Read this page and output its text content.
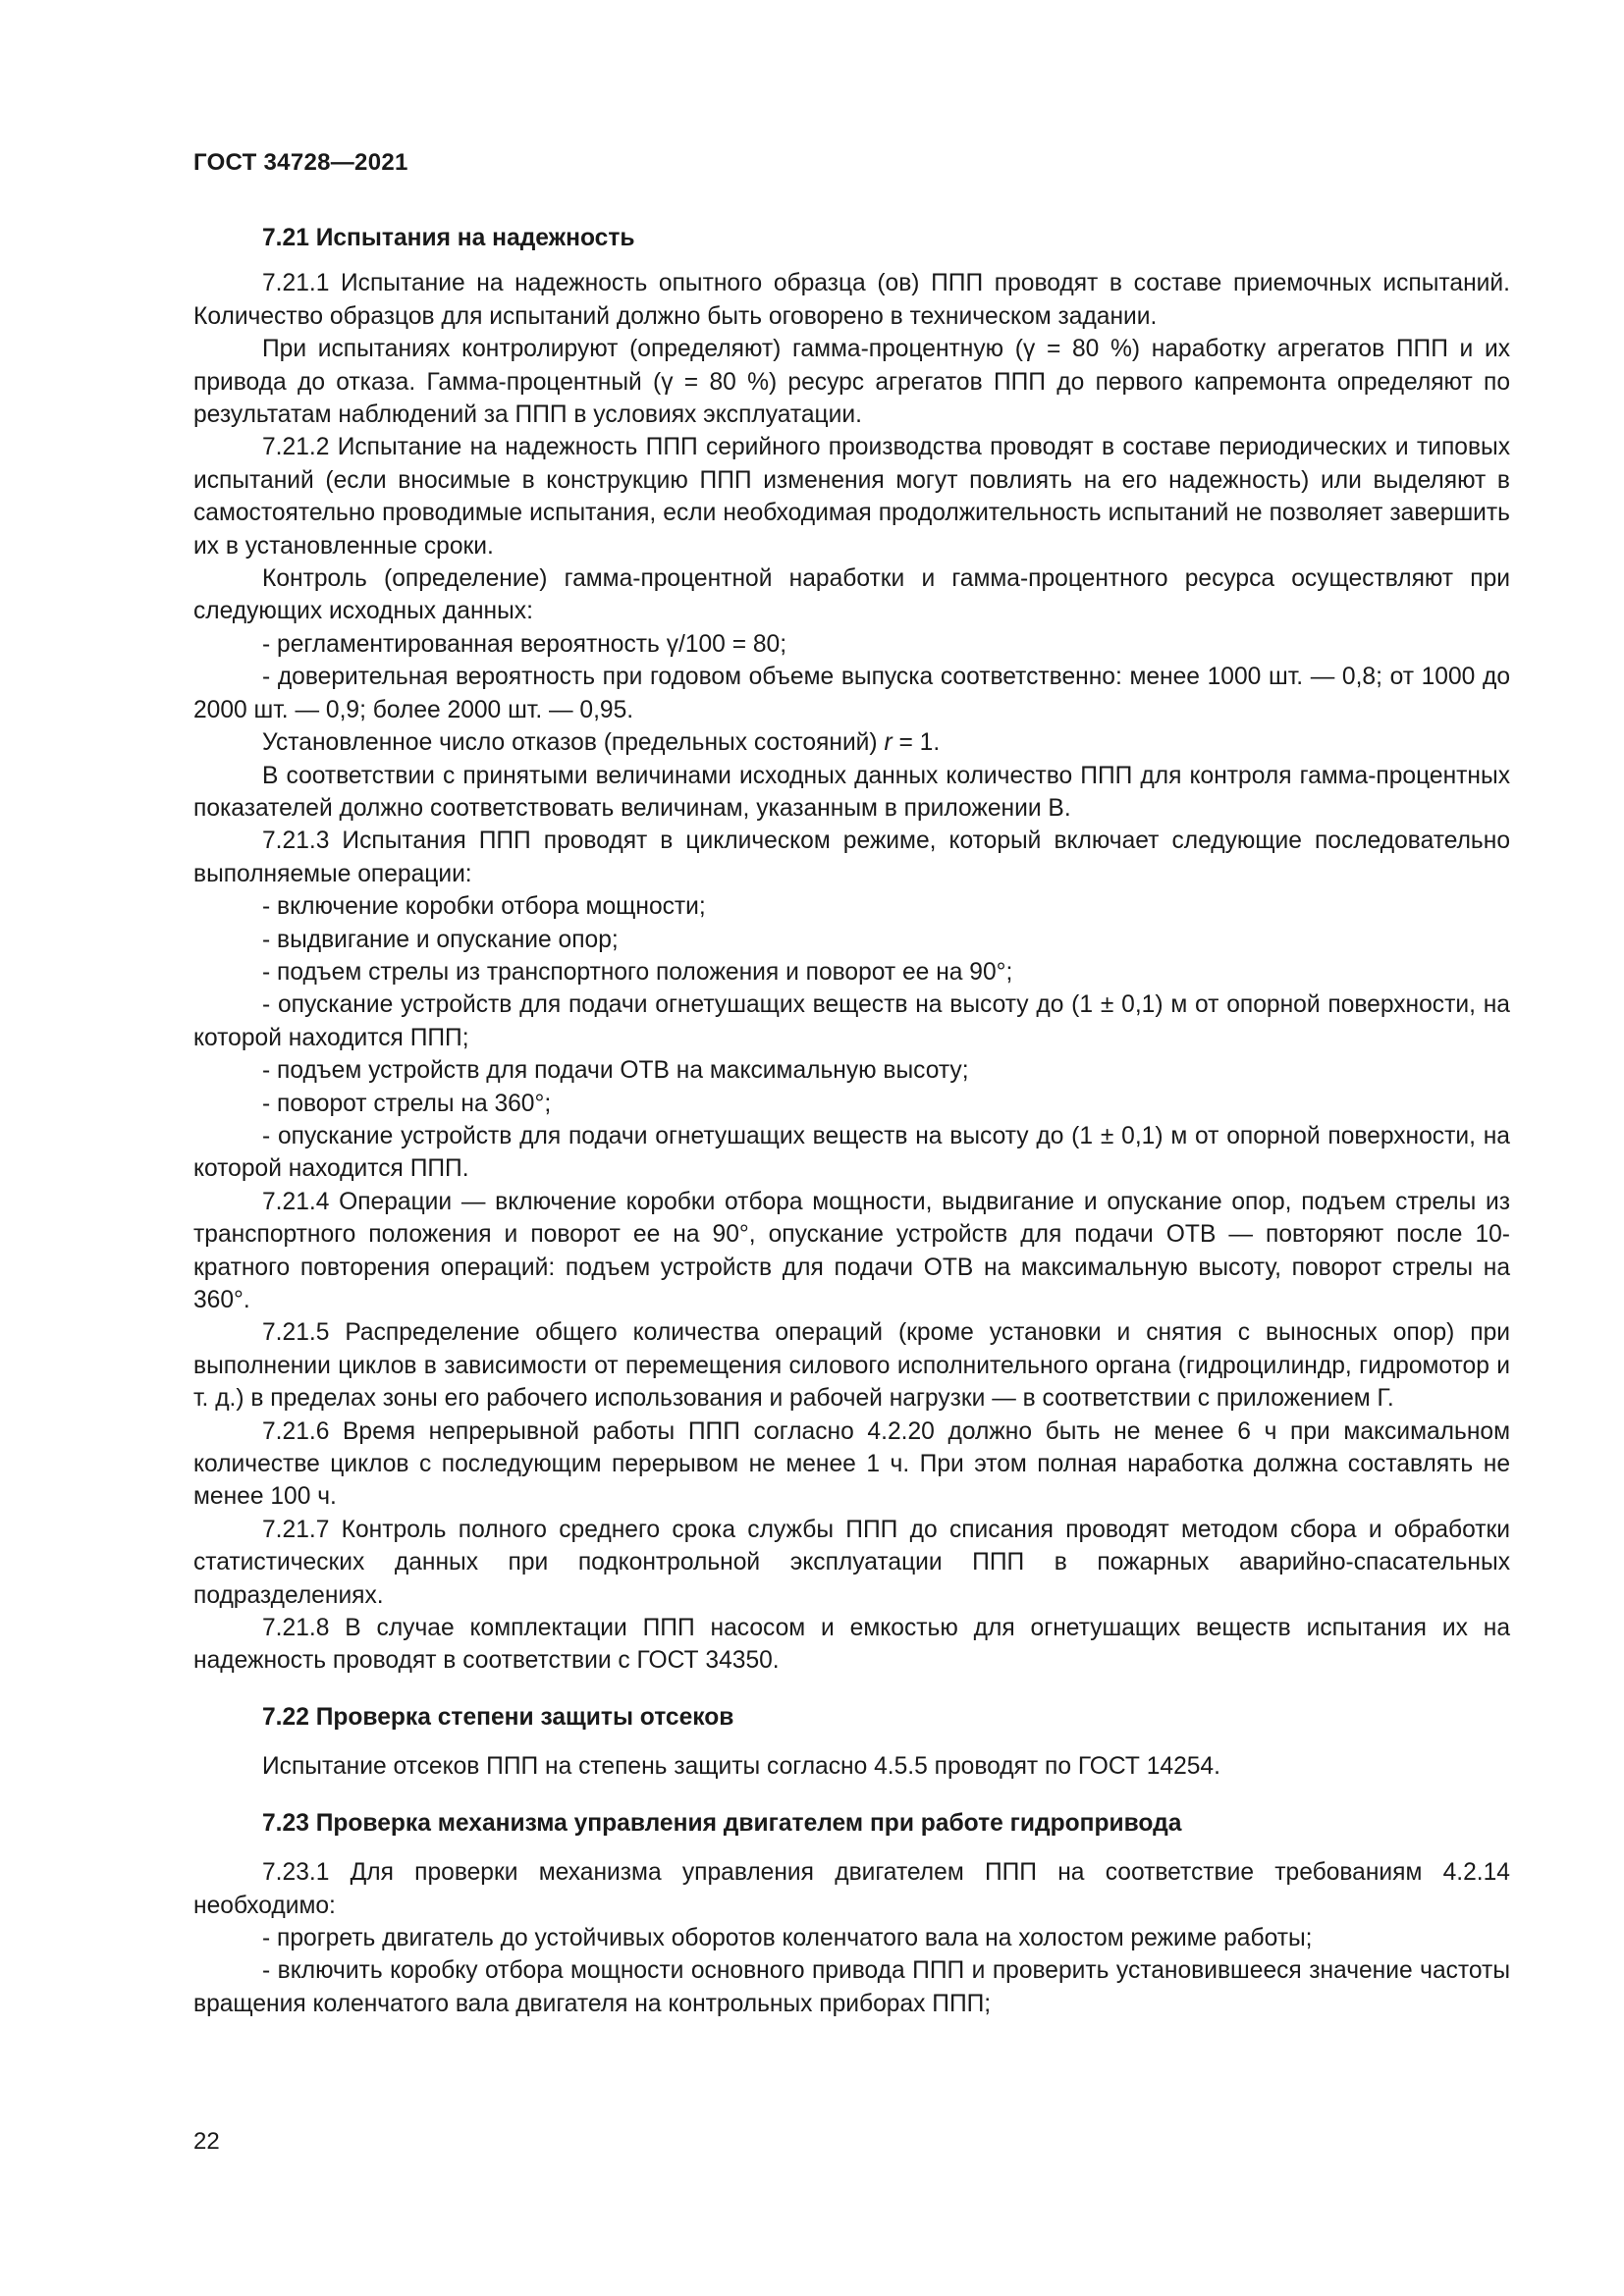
ГОСТ 34728—2021

7.21 Испытания на надежность

7.21.1 Испытание на надежность опытного образца (ов) ППП проводят в составе приемочных испытаний. Количество образцов для испытаний должно быть оговорено в техническом задании.

При испытаниях контролируют (определяют) гамма-процентную (γ = 80 %) наработку агрегатов ППП и их привода до отказа. Гамма-процентный (γ = 80 %) ресурс агрегатов ППП до первого капремонта определяют по результатам наблюдений за ППП в условиях эксплуатации.

7.21.2 Испытание на надежность ППП серийного производства проводят в составе периодических и типовых испытаний (если вносимые в конструкцию ППП изменения могут повлиять на его надежность) или выделяют в самостоятельно проводимые испытания, если необходимая продолжительность испытаний не позволяет завершить их в установленные сроки.

Контроль (определение) гамма-процентной наработки и гамма-процентного ресурса осуществляют при следующих исходных данных:

- регламентированная вероятность γ/100 = 80;

- доверительная вероятность при годовом объеме выпуска соответственно: менее 1000 шт. — 0,8; от 1000 до 2000 шт. — 0,9; более 2000 шт. — 0,95.

Установленное число отказов (предельных состояний) r = 1.

В соответствии с принятыми величинами исходных данных количество ППП для контроля гамма-процентных показателей должно соответствовать величинам, указанным в приложении В.

7.21.3 Испытания ППП проводят в циклическом режиме, который включает следующие последовательно выполняемые операции:

- включение коробки отбора мощности;

- выдвигание и опускание опор;

- подъем стрелы из транспортного положения и поворот ее на 90°;

- опускание устройств для подачи огнетушащих веществ на высоту до (1 ± 0,1) м от опорной поверхности, на которой находится ППП;

- подъем устройств для подачи ОТВ на максимальную высоту;

- поворот стрелы на 360°;

- опускание устройств для подачи огнетушащих веществ на высоту до (1 ± 0,1) м от опорной поверхности, на которой находится ППП.

7.21.4 Операции — включение коробки отбора мощности, выдвигание и опускание опор, подъем стрелы из транспортного положения и поворот ее на 90°, опускание устройств для подачи ОТВ — повторяют после 10-кратного повторения операций: подъем устройств для подачи ОТВ на максимальную высоту, поворот стрелы на 360°.

7.21.5 Распределение общего количества операций (кроме установки и снятия с выносных опор) при выполнении циклов в зависимости от перемещения силового исполнительного органа (гидроцилиндр, гидромотор и т. д.) в пределах зоны его рабочего использования и рабочей нагрузки — в соответствии с приложением Г.

7.21.6 Время непрерывной работы ППП согласно 4.2.20 должно быть не менее 6 ч при максимальном количестве циклов с последующим перерывом не менее 1 ч. При этом полная наработка должна составлять не менее 100 ч.

7.21.7 Контроль полного среднего срока службы ППП до списания проводят методом сбора и обработки статистических данных при подконтрольной эксплуатации ППП в пожарных аварийно-спасательных подразделениях.

7.21.8 В случае комплектации ППП насосом и емкостью для огнетушащих веществ испытания их на надежность проводят в соответствии с ГОСТ 34350.

7.22 Проверка степени защиты отсеков

Испытание отсеков ППП на степень защиты согласно 4.5.5 проводят по ГОСТ 14254.

7.23 Проверка механизма управления двигателем при работе гидропривода

7.23.1 Для проверки механизма управления двигателем ППП на соответствие требованиям 4.2.14 необходимо:

- прогреть двигатель до устойчивых оборотов коленчатого вала на холостом режиме работы;

- включить коробку отбора мощности основного привода ППП и проверить установившееся значение частоты вращения коленчатого вала двигателя на контрольных приборах ППП;

22
